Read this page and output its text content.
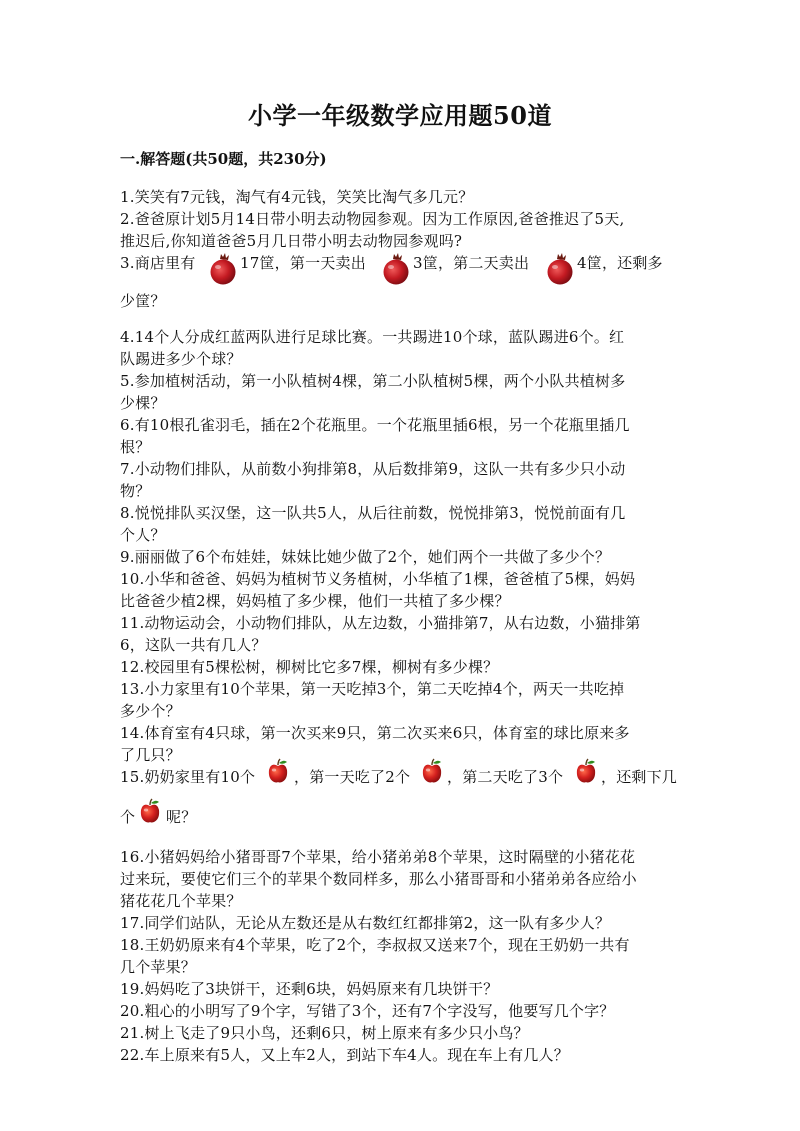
小学一年级数学应用题50道
一.解答题(共50题，共230分)
1.笑笑有7元钱，淘气有4元钱，笑笑比淘气多几元？
2.爸爸原计划5月14日带小明去动物园参观。因为工作原因,爸爸推迟了5天,
推迟后,你知道爸爸5月几日带小明去动物园参观吗?
3.商店里有	17筐，第一天卖出	3筐，第二天卖出	4筐，还剩多
少筐？
4.14个人分成红蓝两队进行足球比赛。一共踢进10个球，蓝队踢进6个。红
队踢进多少个球？
5.参加植树活动，第一小队植树4棵，第二小队植树5棵，两个小队共植树多
少棵？
6.有10根孔雀羽毛，插在2个花瓶里。一个花瓶里插6根，另一个花瓶里插几
根？
7.小动物们排队，从前数小狗排第8，从后数排第9，这队一共有多少只小动
物？
8.悦悦排队买汉堡，这一队共5人，从后往前数，悦悦排第3，悦悦前面有几
个人？
9.丽丽做了6个布娃娃，妹妹比她少做了2个，她们两个一共做了多少个？
10.小华和爸爸、妈妈为植树节义务植树，小华植了1棵，爸爸植了5棵，妈妈
比爸爸少植2棵，妈妈植了多少棵，他们一共植了多少棵？
11.动物运动会，小动物们排队，从左边数，小猫排第7，从右边数，小猫排第
6，这队一共有几人？
12.校园里有5棵松树，柳树比它多7棵，柳树有多少棵？
13.小力家里有10个苹果，第一天吃掉3个，第二天吃掉4个，两天一共吃掉
多少个？
14.体育室有4只球，第一次买来9只，第二次买来6只，体育室的球比原来多
了几只？
15.奶奶家里有10个	，第一天吃了2个 ，第二天吃了3个	，还剩下几
个 呢？
16.小猪妈妈给小猪哥哥7个苹果，给小猪弟弟8个苹果，这时隔壁的小猪花花
过来玩，要使它们三个的苹果个数同样多，那么小猪哥哥和小猪弟弟各应给小
猪花花几个苹果？
17.同学们站队，无论从左数还是从右数红红都排第2，这一队有多少人？
18.王奶奶原来有4个苹果，吃了2个，李叔叔又送来7个，现在王奶奶一共有
几个苹果？
19.妈妈吃了3块饼干，还剩6块，妈妈原来有几块饼干？
20.粗心的小明写了9个字，写错了3个，还有7个字没写，他要写几个字？
21.树上飞走了9只小鸟，还剩6只，树上原来有多少只小鸟？
22.车上原来有5人，又上车2人，到站下车4人。现在车上有几人？
